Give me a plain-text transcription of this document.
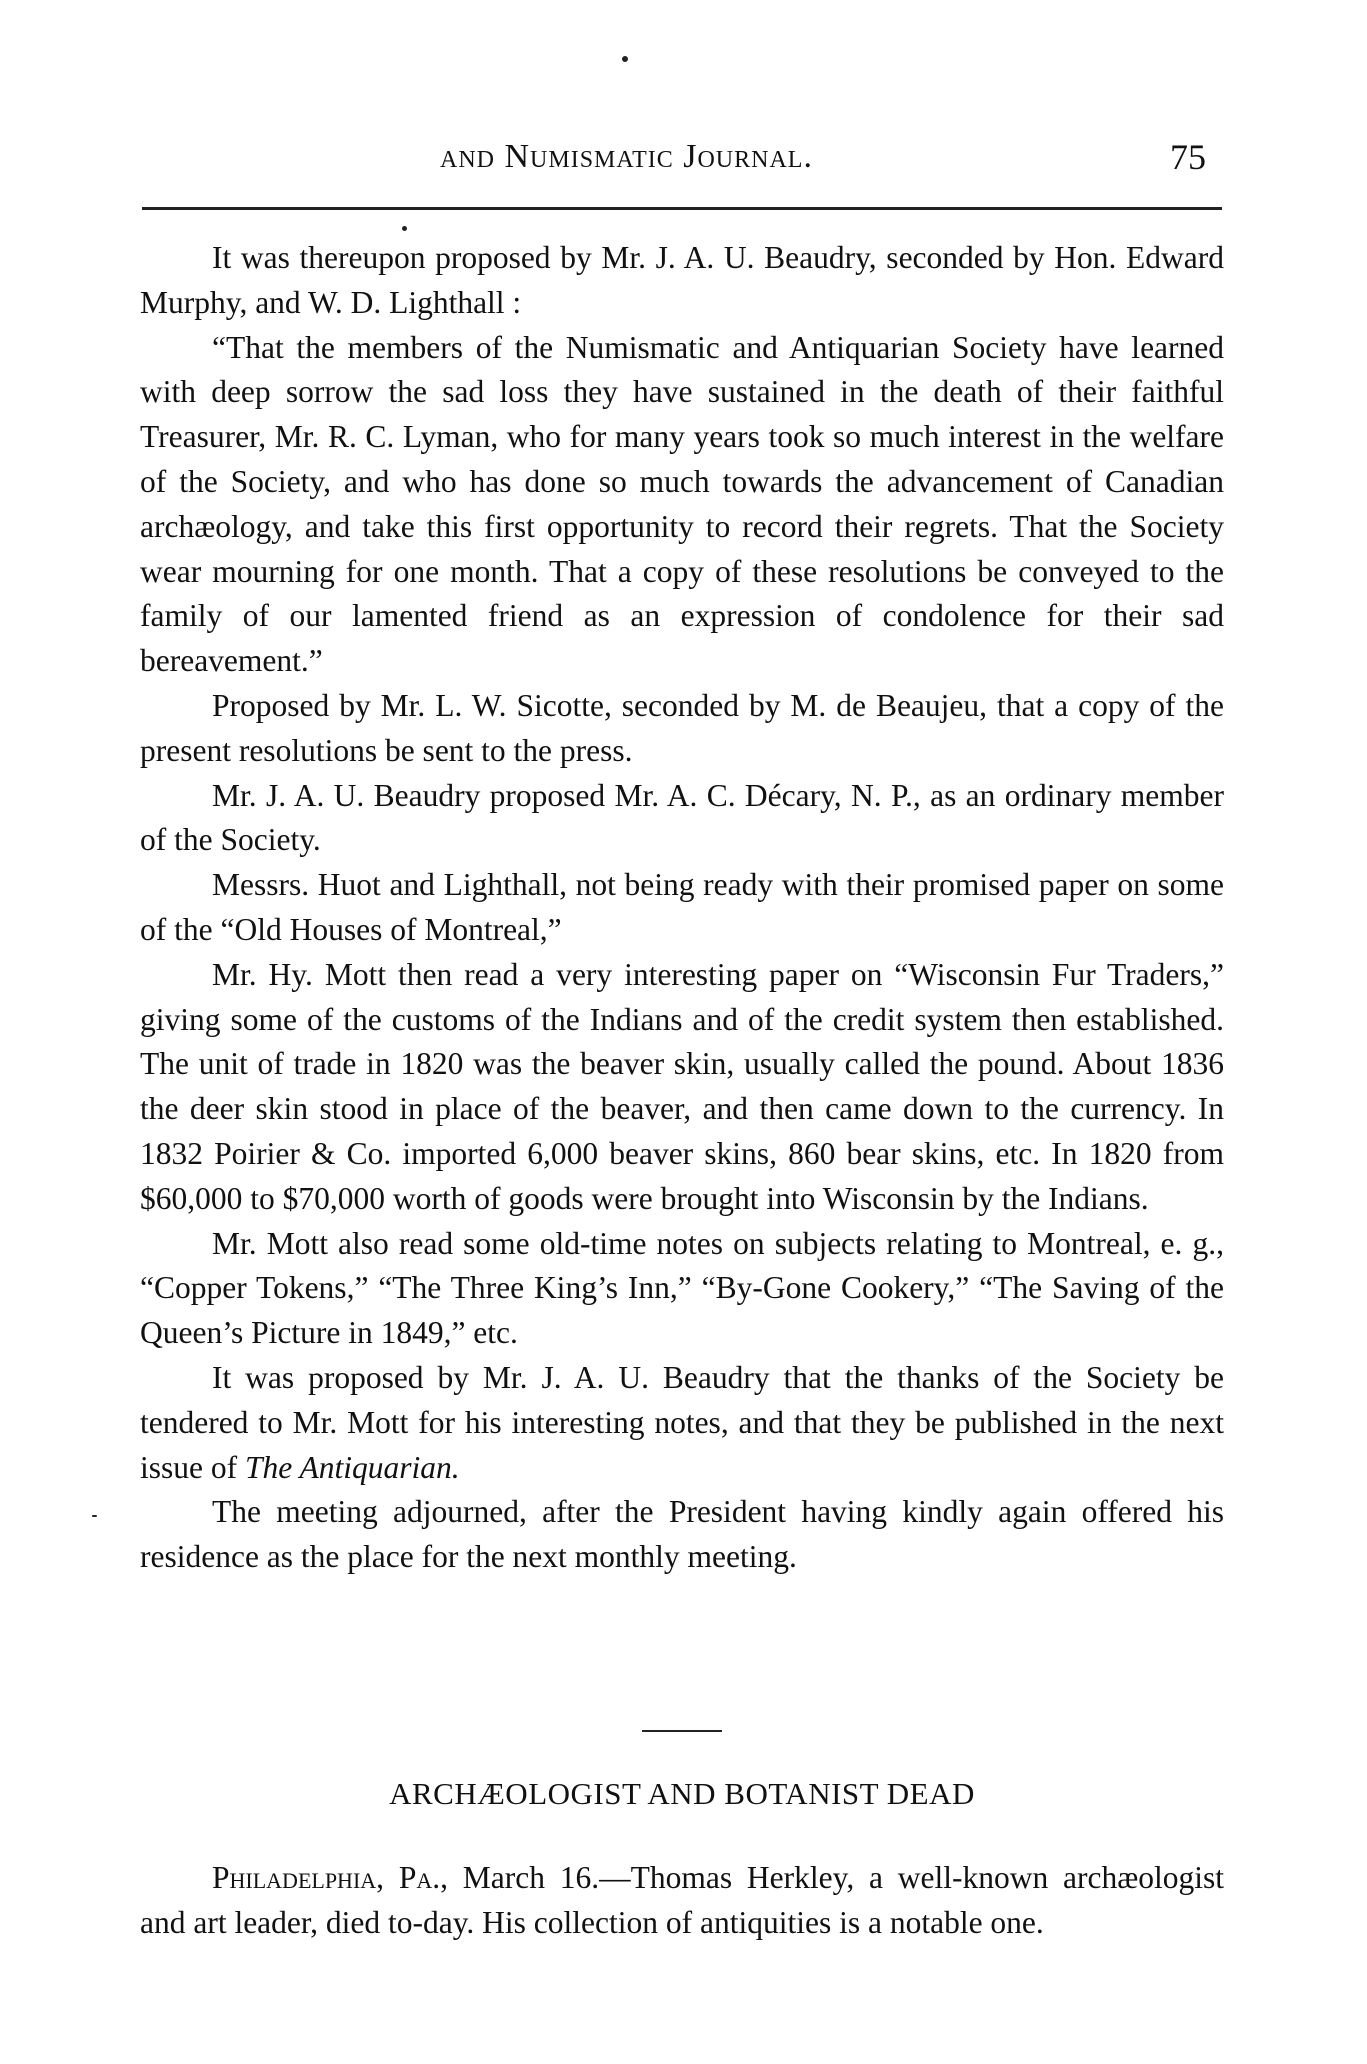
and Numismatic Journal.	75

It was thereupon proposed by Mr. J. A. U. Beaudry, seconded by Hon. Edward Murphy, and W. D. Lighthall :

“That the members of the Numismatic and Antiquarian Society have learned with deep sorrow the sad loss they have sustained in the death of their faithful Treasurer, Mr. R. C. Lyman, who for many years took so much interest in the welfare of the Society, and who has done so much towards the advancement of Canadian archæology, and take this first opportunity to record their regrets. That the Society wear mourning for one month. That a copy of these resolutions be conveyed to the family of our lamented friend as an expression of condolence for their sad bereavement.”

Proposed by Mr. L. W. Sicotte, seconded by M. de Beaujeu, that a copy of the present resolutions be sent to the press.

Mr. J. A. U. Beaudry proposed Mr. A. C. Décary, N. P., as an ordinary member of the Society.

Messrs. Huot and Lighthall, not being ready with their promised paper on some of the “Old Houses of Montreal,”

Mr. Hy. Mott then read a very interesting paper on “Wisconsin Fur Traders,” giving some of the customs of the Indians and of the credit system then established. The unit of trade in 1820 was the beaver skin, usually called the pound. About 1836 the deer skin stood in place of the beaver, and then came down to the currency. In 1832 Poirier & Co. imported 6,000 beaver skins, 860 bear skins, etc. In 1820 from $60,000 to $70,000 worth of goods were brought into Wisconsin by the Indians.

Mr. Mott also read some old-time notes on subjects relating to Montreal, e. g., “Copper Tokens,” “The Three King’s Inn,” “By-Gone Cookery,” “The Saving of the Queen’s Picture in 1849,” etc.

It was proposed by Mr. J. A. U. Beaudry that the thanks of the Society be tendered to Mr. Mott for his interesting notes, and that they be published in the next issue of The Antiquarian.

The meeting adjourned, after the President having kindly again offered his residence as the place for the next monthly meeting.

ARCHÆOLOGIST AND BOTANIST DEAD

Philadelphia, Pa., March 16.—Thomas Herkley, a well-known archæologist and art leader, died to-day. His collection of antiquities is a notable one.
